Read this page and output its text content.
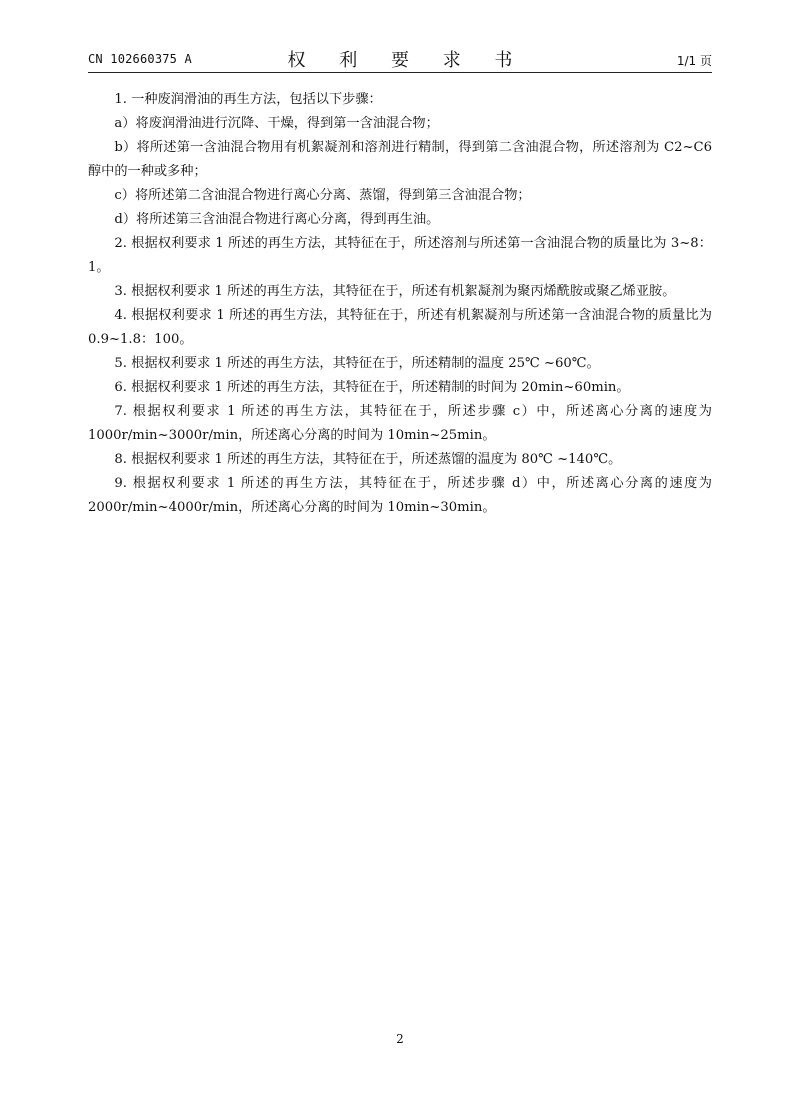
CN 102660375 A	权 利 要 求 书	1/1 页

1. 一种废润滑油的再生方法，包括以下步骤：

a）将废润滑油进行沉降、干燥，得到第一含油混合物；

b）将所述第一含油混合物用有机絮凝剂和溶剂进行精制，得到第二含油混合物，所述溶剂为 C2~C6 醇中的一种或多种；

c）将所述第二含油混合物进行离心分离、蒸馏，得到第三含油混合物；

d）将所述第三含油混合物进行离心分离，得到再生油。

2. 根据权利要求 1 所述的再生方法，其特征在于，所述溶剂与所述第一含油混合物的质量比为 3~8：1。

3. 根据权利要求 1 所述的再生方法，其特征在于，所述有机絮凝剂为聚丙烯酰胺或聚乙烯亚胺。

4. 根据权利要求 1 所述的再生方法，其特征在于，所述有机絮凝剂与所述第一含油混合物的质量比为 0.9~1.8：100。

5. 根据权利要求 1 所述的再生方法，其特征在于，所述精制的温度 25℃ ~60℃。

6. 根据权利要求 1 所述的再生方法，其特征在于，所述精制的时间为 20min~60min。

7. 根据权利要求 1 所述的再生方法，其特征在于，所述步骤 c）中，所述离心分离的速度为 1000r/min~3000r/min，所述离心分离的时间为 10min~25min。

8. 根据权利要求 1 所述的再生方法，其特征在于，所述蒸馏的温度为 80℃ ~140℃。

9. 根据权利要求 1 所述的再生方法，其特征在于，所述步骤 d）中，所述离心分离的速度为 2000r/min~4000r/min，所述离心分离的时间为 10min~30min。

2
